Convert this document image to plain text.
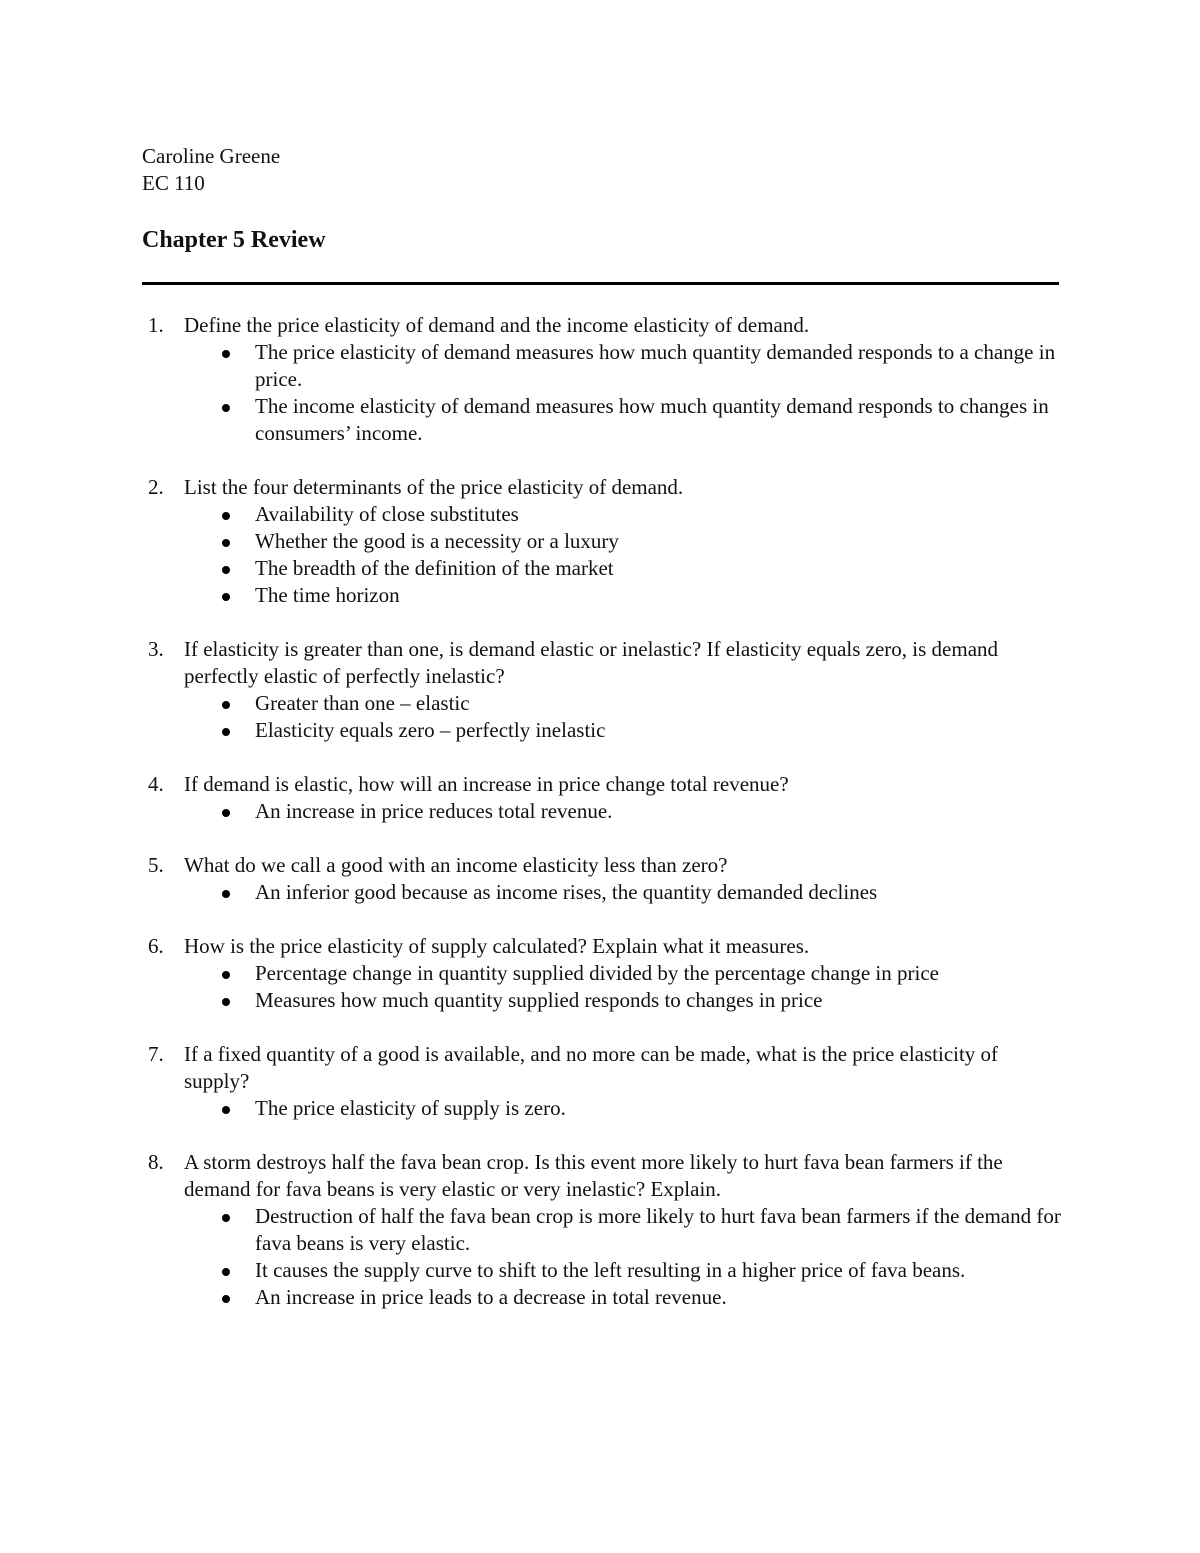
Caroline Greene
EC 110
Chapter 5 Review
1. Define the price elasticity of demand and the income elasticity of demand.
The price elasticity of demand measures how much quantity demanded responds to a change in price.
The income elasticity of demand measures how much quantity demand responds to changes in consumers’ income.
2. List the four determinants of the price elasticity of demand.
Availability of close substitutes
Whether the good is a necessity or a luxury
The breadth of the definition of the market
The time horizon
3. If elasticity is greater than one, is demand elastic or inelastic? If elasticity equals zero, is demand perfectly elastic of perfectly inelastic?
Greater than one – elastic
Elasticity equals zero – perfectly inelastic
4. If demand is elastic, how will an increase in price change total revenue?
An increase in price reduces total revenue.
5. What do we call a good with an income elasticity less than zero?
An inferior good because as income rises, the quantity demanded declines
6. How is the price elasticity of supply calculated? Explain what it measures.
Percentage change in quantity supplied divided by the percentage change in price
Measures how much quantity supplied responds to changes in price
7. If a fixed quantity of a good is available, and no more can be made, what is the price elasticity of supply?
The price elasticity of supply is zero.
8. A storm destroys half the fava bean crop. Is this event more likely to hurt fava bean farmers if the demand for fava beans is very elastic or very inelastic? Explain.
Destruction of half the fava bean crop is more likely to hurt fava bean farmers if the demand for fava beans is very elastic.
It causes the supply curve to shift to the left resulting in a higher price of fava beans.
An increase in price leads to a decrease in total revenue.
